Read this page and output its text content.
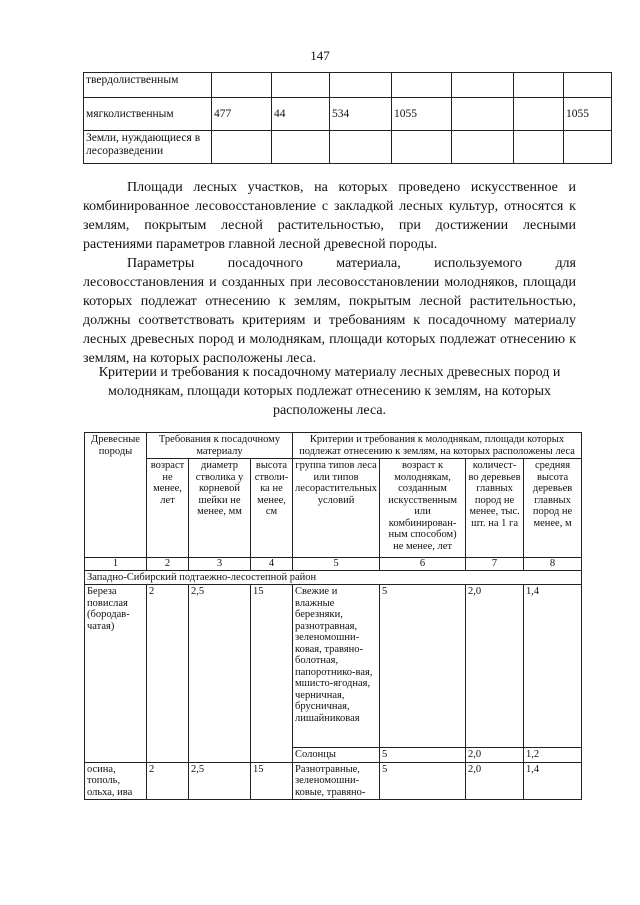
147
твердолиственным							
мягколиственным	477	44	534	1055			1055
Земли, нуждающиеся в лесоразведении							

Площади лесных участков, на которых проведено искусственное и комбинированное лесовосстановление с закладкой лесных культур, относятся к землям, покрытым лесной растительностью, при достижении лесными растениями параметров главной лесной древесной породы.

Параметры посадочного материала, используемого для лесовосстановления и созданных при лесовосстановлении молодняков, площади которых подлежат отнесению к землям, покрытым лесной растительностью, должны соответствовать критериям и требованиям к посадочному материалу лесных древесных пород и молоднякам, площади которых подлежат отнесению к землям, на которых расположены леса.

Критерии и требования к посадочному материалу лесных древесных пород и молоднякам, площади которых подлежат отнесению к землям, на которых расположены леса.
Древесные породы	Требования к посадочному материалу			Критерии и требования к молоднякам, площади которых подлежат отнесению к землям, на которых расположены леса			
	возраст не менее, лет	диаметр стволика у корневой шейки не менее, мм	высота стволи-ка не менее, см	группа типов леса или типов лесорастительных условий	возраст к молоднякам, созданным искусственным или комбинирован-ным способом) не менее, лет	количест-во деревьев главных пород не менее, тыс. шт. на 1 га	средняя высота деревьев главных пород не менее, м
1	2	3	4	5	6	7	8
Западно-Сибирский подтаежно-лесостепной район							
Береза повислая (бородав-чатая)	2	2,5	15	Свежие и влажные березняки, разнотравная, зеленомошни-ковая, травяно-болотная, папоротнико-вая, мшисто-ягодная, черничная, брусничная, лишайниковая	5	2,0	1,4
				Солонцы	5	2,0	1,2
осина, тополь, ольха, ива	2	2,5	15	Разнотравные, зеленомошни-ковые, травяно-	5	2,0	1,4
